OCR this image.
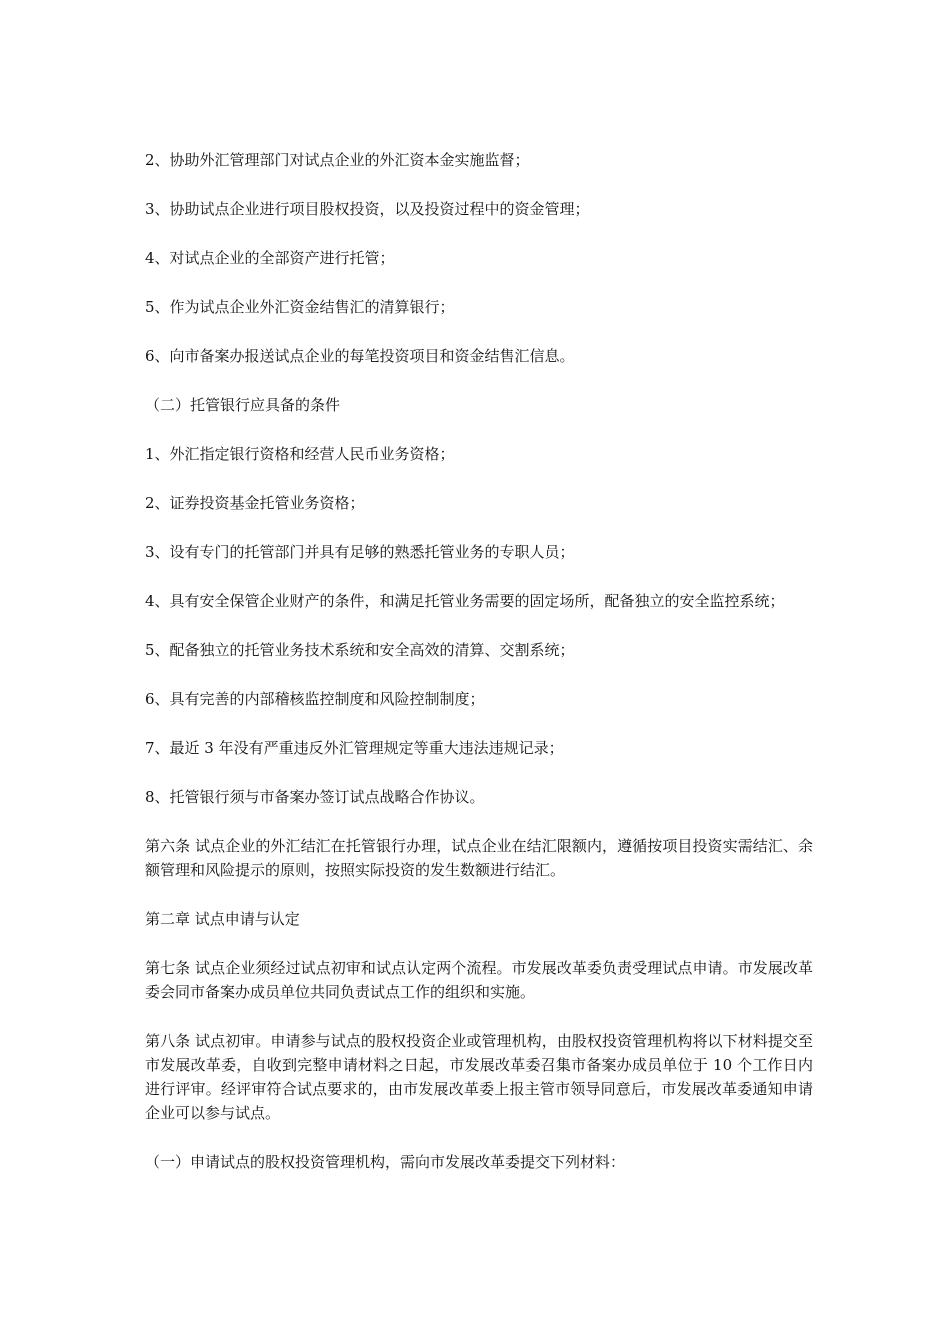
2、协助外汇管理部门对试点企业的外汇资本金实施监督；

3、协助试点企业进行项目股权投资，以及投资过程中的资金管理；

4、对试点企业的全部资产进行托管；

5、作为试点企业外汇资金结售汇的清算银行；

6、向市备案办报送试点企业的每笔投资项目和资金结售汇信息。

（二）托管银行应具备的条件

1、外汇指定银行资格和经营人民币业务资格；

2、证券投资基金托管业务资格；

3、设有专门的托管部门并具有足够的熟悉托管业务的专职人员；

4、具有安全保管企业财产的条件，和满足托管业务需要的固定场所，配备独立的安全监控系统；

5、配备独立的托管业务技术系统和安全高效的清算、交割系统；

6、具有完善的内部稽核监控制度和风险控制制度；

7、最近 3 年没有严重违反外汇管理规定等重大违法违规记录；

8、托管银行须与市备案办签订试点战略合作协议。

第六条 试点企业的外汇结汇在托管银行办理，试点企业在结汇限额内，遵循按项目投资实需结汇、余额管理和风险提示的原则，按照实际投资的发生数额进行结汇。

第二章 试点申请与认定

第七条 试点企业须经过试点初审和试点认定两个流程。市发展改革委负责受理试点申请。市发展改革委会同市备案办成员单位共同负责试点工作的组织和实施。

第八条 试点初审。申请参与试点的股权投资企业或管理机构，由股权投资管理机构将以下材料提交至市发展改革委，自收到完整申请材料之日起，市发展改革委召集市备案办成员单位于 10 个工作日内进行评审。经评审符合试点要求的，由市发展改革委上报主管市领导同意后，市发展改革委通知申请企业可以参与试点。

（一）申请试点的股权投资管理机构，需向市发展改革委提交下列材料：
